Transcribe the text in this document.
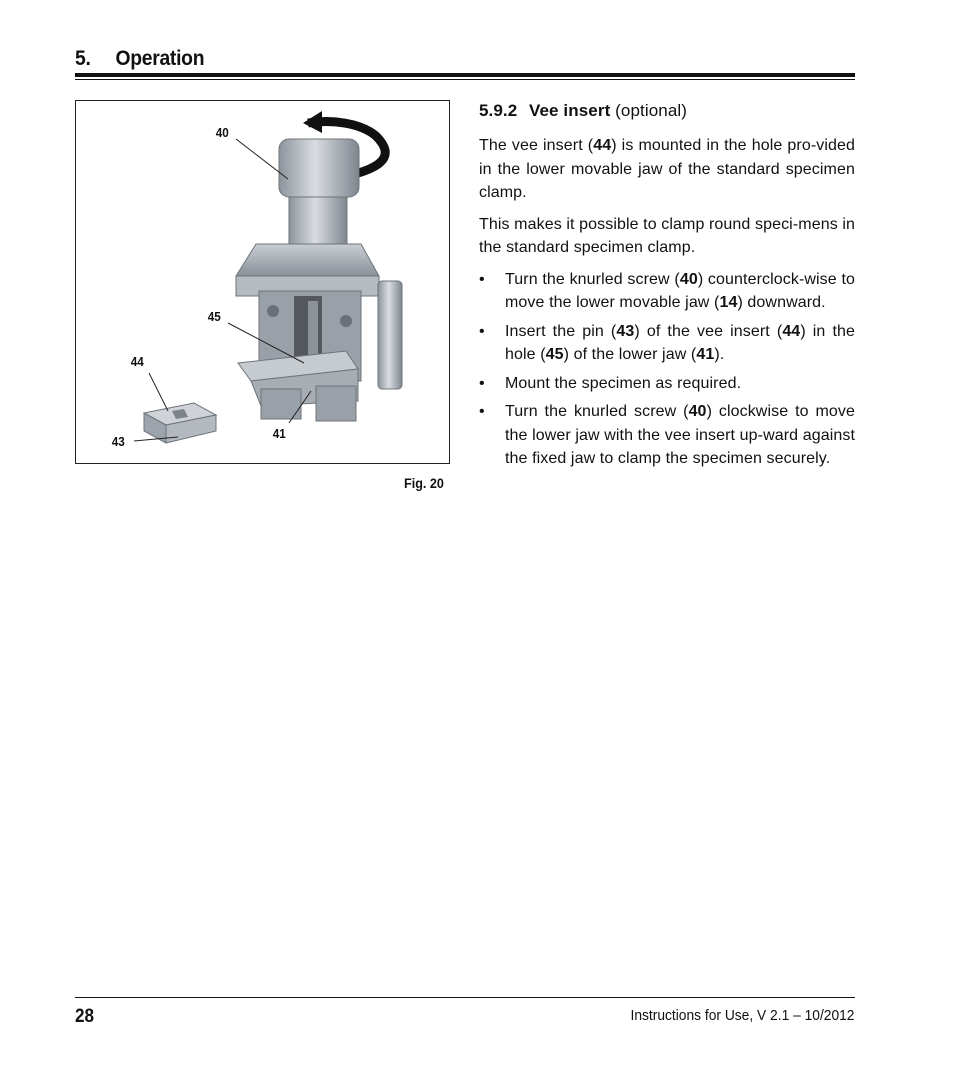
5. Operation
40
45
44
43
41
Fig. 20

5.9.2 Vee insert (optional)

The vee insert (44) is mounted in the hole pro-vided in the lower movable jaw of the standard specimen clamp.

This makes it possible to clamp round speci-mens in the standard specimen clamp.

• Turn the knurled screw (40) counterclock-wise to move the lower movable jaw (14) downward.
• Insert the pin (43) of the vee insert (44) in the hole (45) of the lower jaw (41).
• Mount the specimen as required.
• Turn the knurled screw (40) clockwise to move the lower jaw with the vee insert up-ward against the fixed jaw to clamp the specimen securely.
28	Instructions for Use, V 2.1 – 10/2012
